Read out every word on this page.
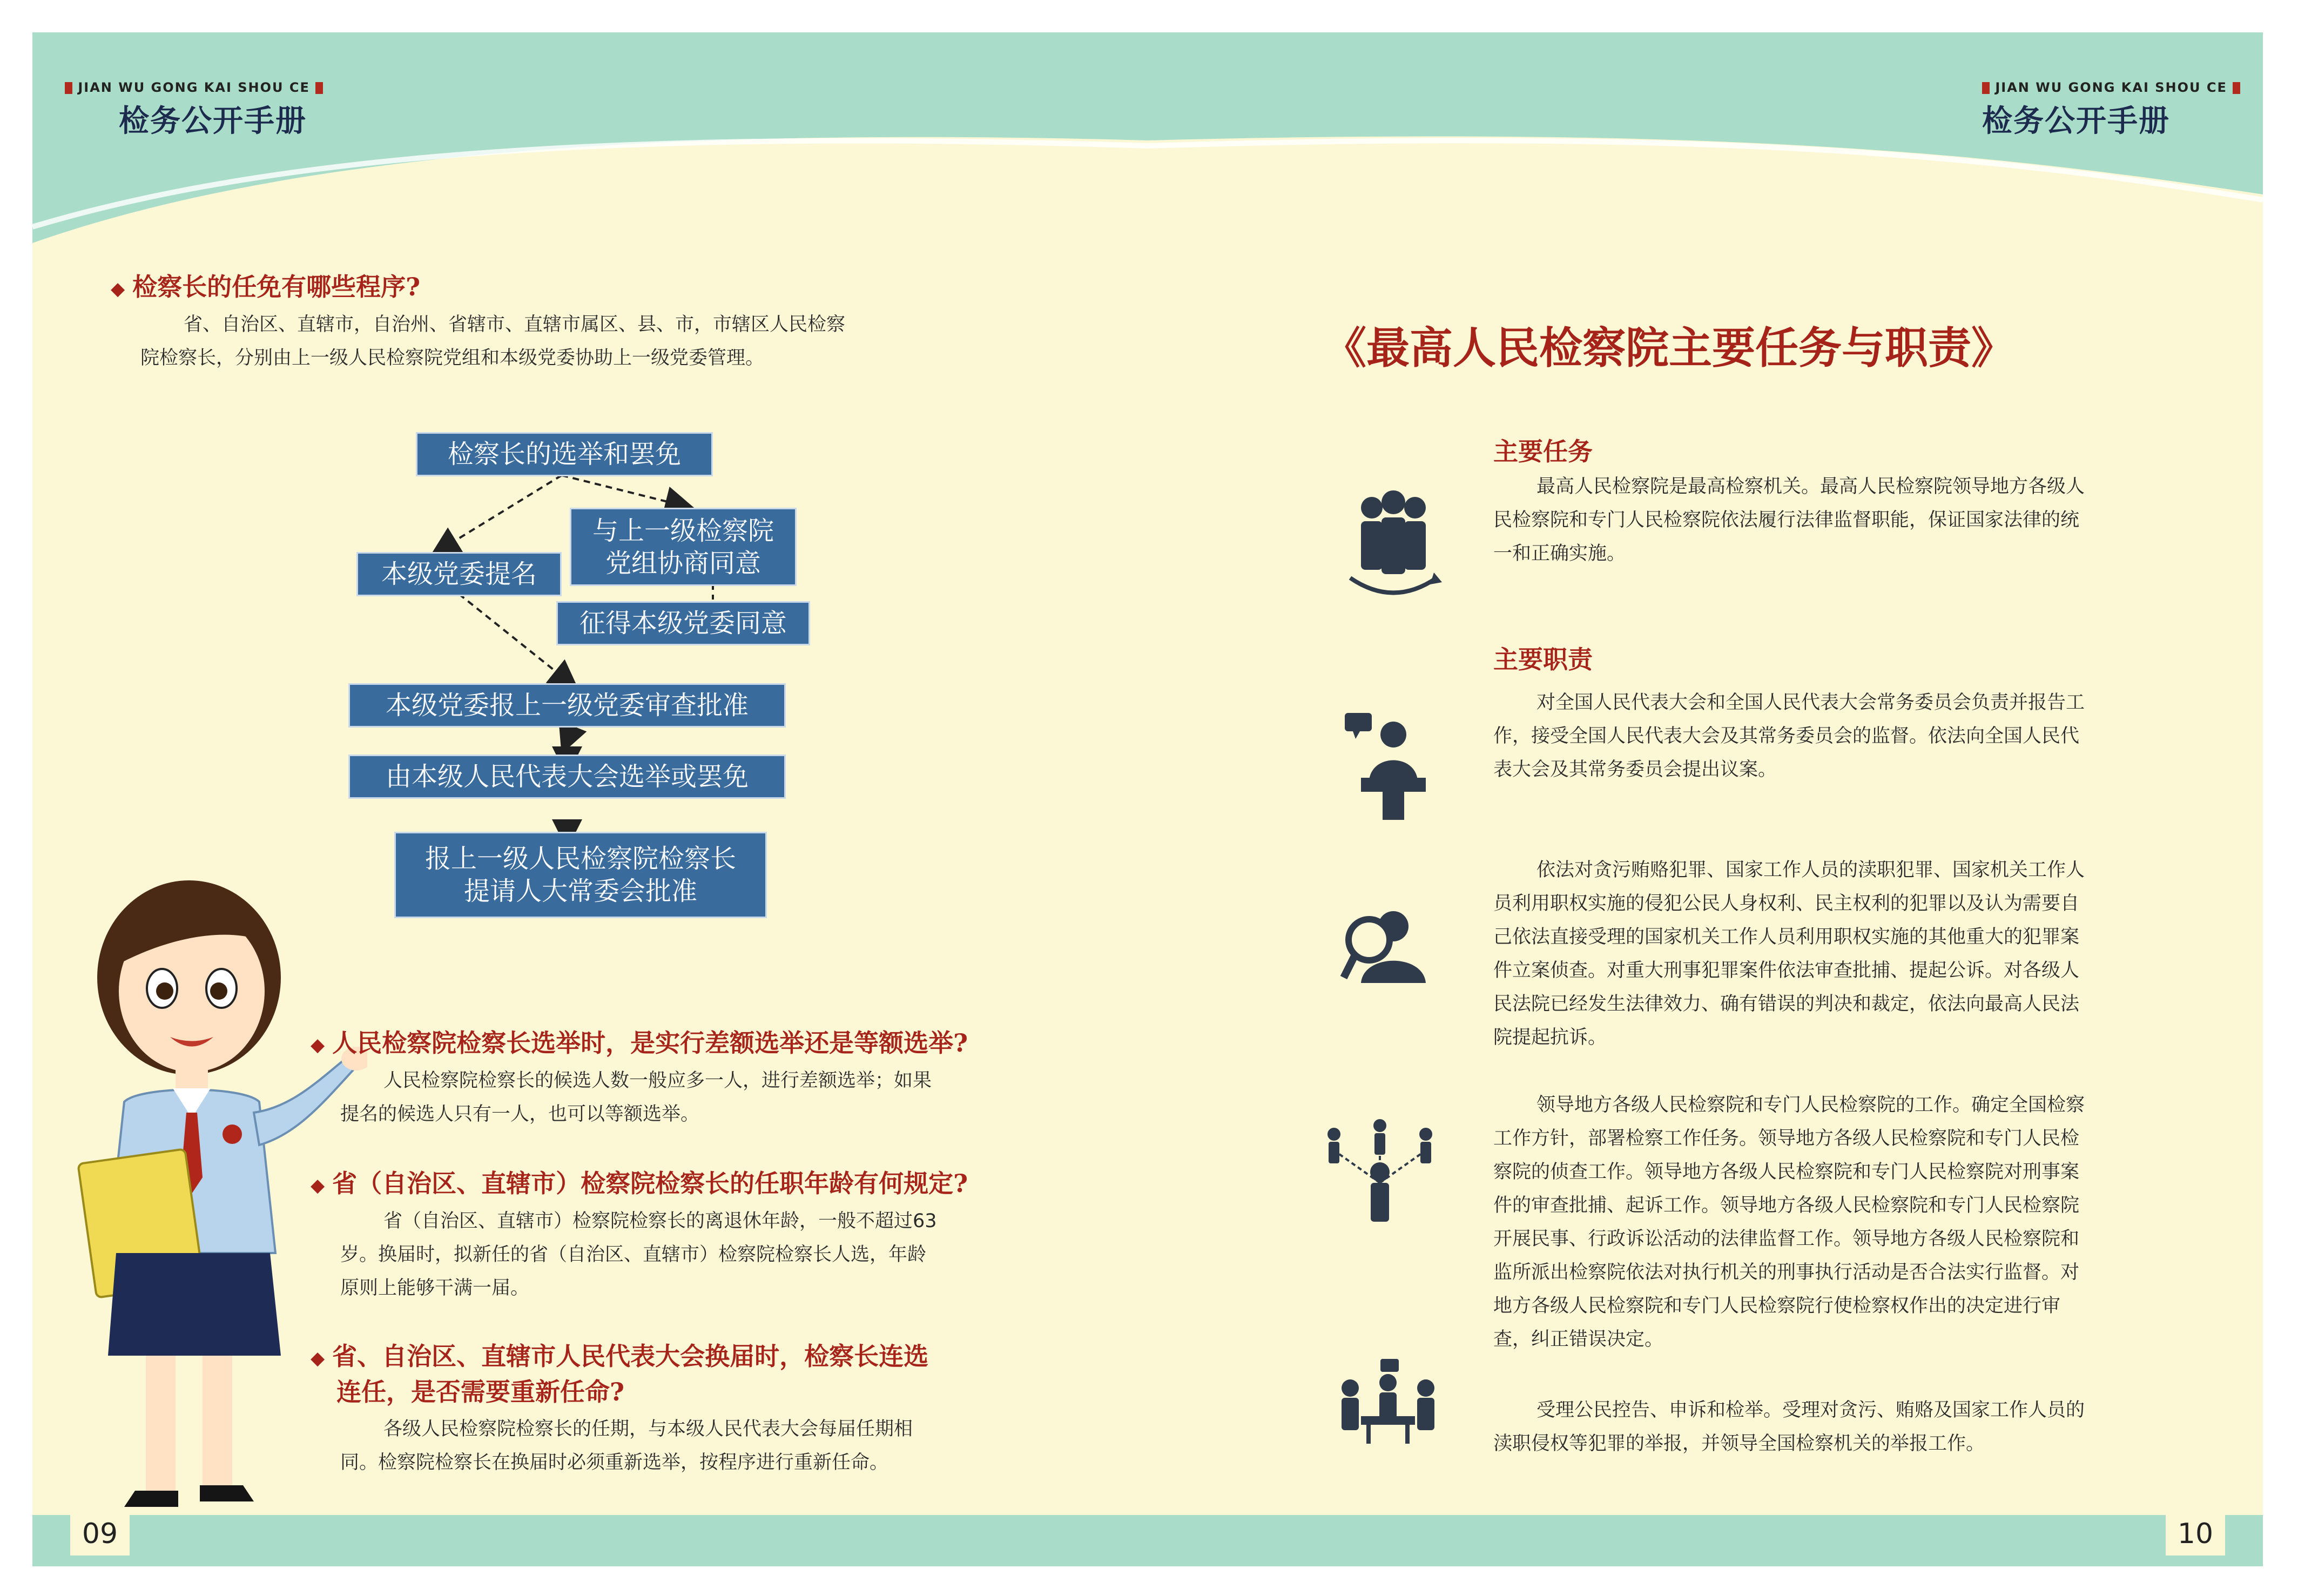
JIAN WU GONG KAI SHOU CE
检务公开手册
JIAN WU GONG KAI SHOU CE
检务公开手册
◆ 检察长的任免有哪些程序?
省、自治区、直辖市，自治州、省辖市、直辖市属区、县、市，市辖区人民检察
院检察长，分别由上一级人民检察院党组和本级党委协助上一级党委管理。
检察长的选举和罢免
本级党委提名
与上一级检察院
党组协商同意
征得本级党委同意
本级党委报上一级党委审查批准
由本级人民代表大会选举或罢免
报上一级人民检察院检察长
提请人大常委会批准
◆ 人民检察院检察长选举时，是实行差额选举还是等额选举?
人民检察院检察长的候选人数一般应多一人，进行差额选举；如果
提名的候选人只有一人，也可以等额选举。
◆ 省（自治区、直辖市）检察院检察长的任职年龄有何规定?
省（自治区、直辖市）检察院检察长的离退休年龄，一般不超过63
岁。换届时，拟新任的省（自治区、直辖市）检察院检察长人选，年龄
原则上能够干满一届。
◆ 省、自治区、直辖市人民代表大会换届时，检察长连选
连任，是否需要重新任命?
各级人民检察院检察长的任期，与本级人民代表大会每届任期相
同。检察院检察长在换届时必须重新选举，按程序进行重新任命。
《最高人民检察院主要任务与职责》
主要任务
最高人民检察院是最高检察机关。最高人民检察院领导地方各级人
民检察院和专门人民检察院依法履行法律监督职能，保证国家法律的统
一和正确实施。
主要职责
对全国人民代表大会和全国人民代表大会常务委员会负责并报告工
作，接受全国人民代表大会及其常务委员会的监督。依法向全国人民代
表大会及其常务委员会提出议案。
依法对贪污贿赂犯罪、国家工作人员的渎职犯罪、国家机关工作人
员利用职权实施的侵犯公民人身权利、民主权利的犯罪以及认为需要自
己依法直接受理的国家机关工作人员利用职权实施的其他重大的犯罪案
件立案侦查。对重大刑事犯罪案件依法审查批捕、提起公诉。对各级人
民法院已经发生法律效力、确有错误的判决和裁定，依法向最高人民法
院提起抗诉。
领导地方各级人民检察院和专门人民检察院的工作。确定全国检察
工作方针，部署检察工作任务。领导地方各级人民检察院和专门人民检
察院的侦查工作。领导地方各级人民检察院和专门人民检察院对刑事案
件的审查批捕、起诉工作。领导地方各级人民检察院和专门人民检察院
开展民事、行政诉讼活动的法律监督工作。领导地方各级人民检察院和
监所派出检察院依法对执行机关的刑事执行活动是否合法实行监督。对
地方各级人民检察院和专门人民检察院行使检察权作出的决定进行审
查，纠正错误决定。
受理公民控告、申诉和检举。受理对贪污、贿赂及国家工作人员的
渎职侵权等犯罪的举报，并领导全国检察机关的举报工作。
09	10
